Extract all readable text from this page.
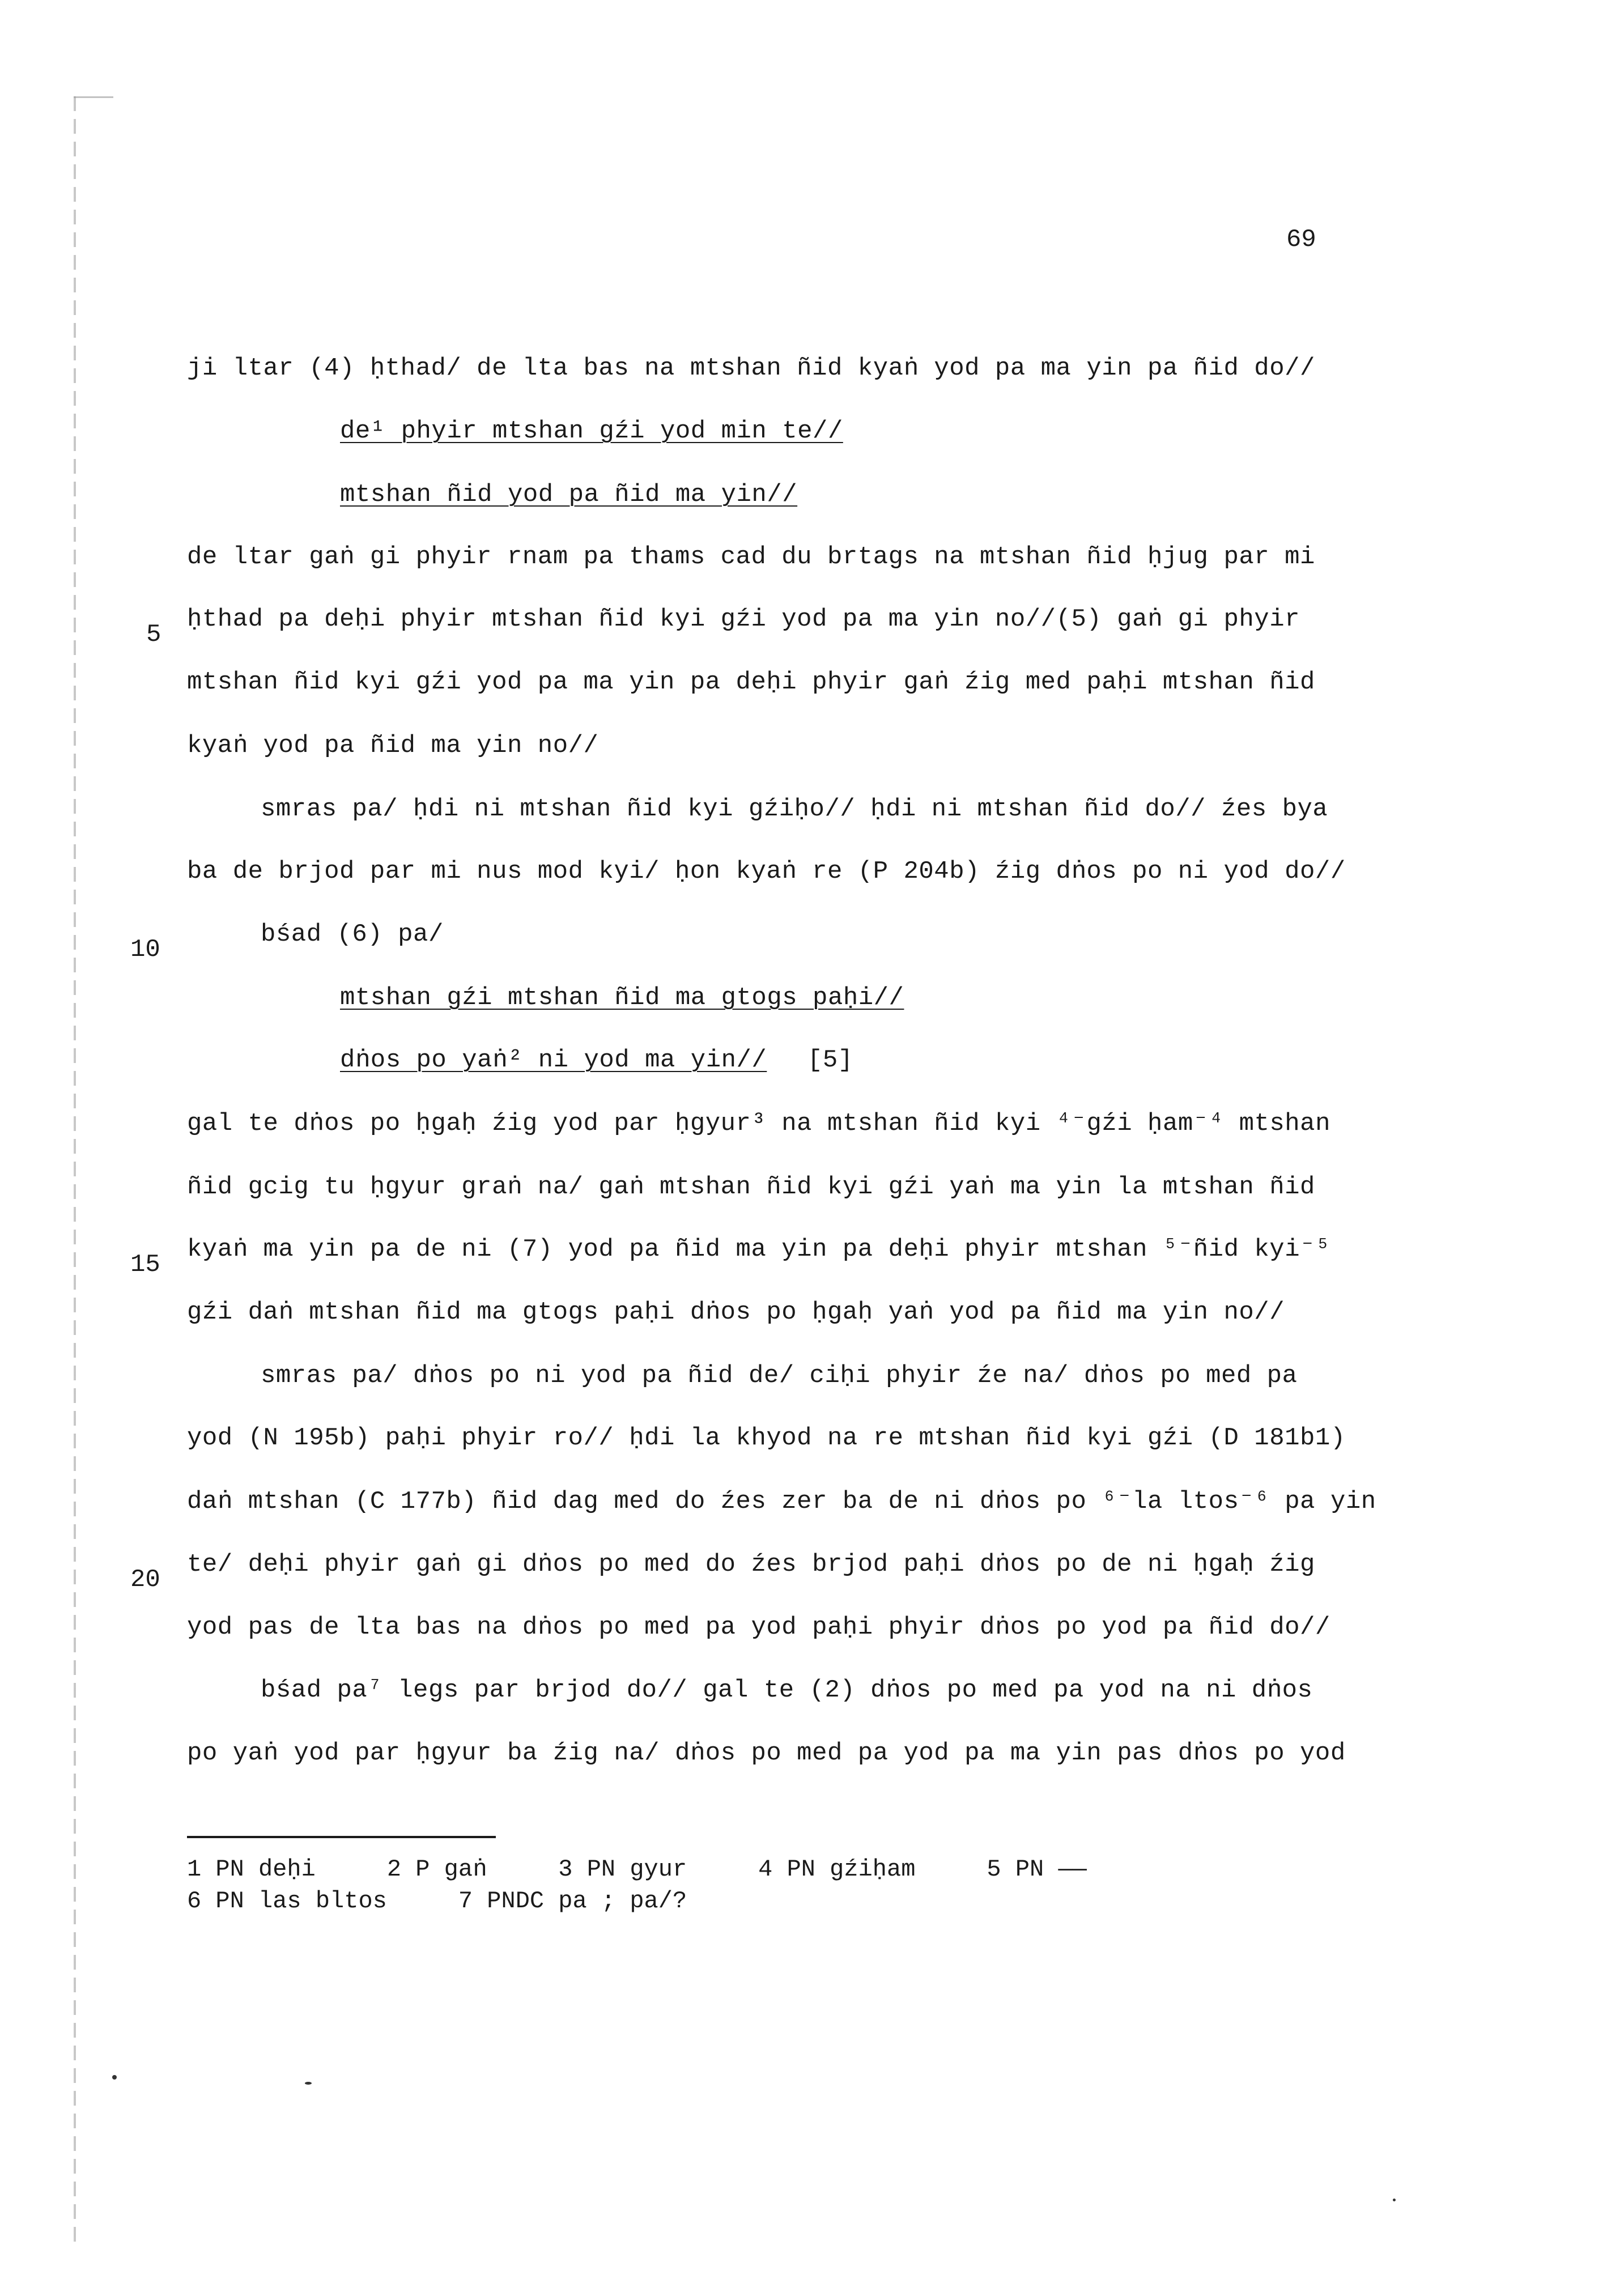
69
ji ltar (4) ḥthad/ de lta bas na mtshan ñid kyaṅ yod pa ma yin pa ñid do//
de¹ phyir mtshan gźi yod min te//
mtshan ñid yod pa ñid ma yin//
de ltar gaṅ gi phyir rnam pa thams cad du brtags na mtshan ñid ḥjug par mi
ḥthad pa deḥi phyir mtshan ñid kyi gźi yod pa ma yin no//(5) gaṅ gi phyir
mtshan ñid kyi gźi yod pa ma yin pa deḥi phyir gaṅ źig med paḥi mtshan ñid
kyaṅ yod pa ñid ma yin no//
smras pa/ ḥdi ni mtshan ñid kyi gźiḥo// ḥdi ni mtshan ñid do// źes bya
ba de brjod par mi nus mod kyi/ ḥon kyaṅ re (P 204b) źig dṅos po ni yod do//
bśad (6) pa/
mtshan gźi mtshan ñid ma gtogs paḥi//
dṅos po yaṅ² ni yod ma yin// [5]
gal te dṅos po ḥgaḥ źig yod par ḥgyur³ na mtshan ñid kyi ⁴⁻gźi ḥam⁻⁴ mtshan
ñid gcig tu ḥgyur graṅ na/ gaṅ mtshan ñid kyi gźi yaṅ ma yin la mtshan ñid
kyaṅ ma yin pa de ni (7) yod pa ñid ma yin pa deḥi phyir mtshan ⁵⁻ñid kyi⁻⁵
gźi daṅ mtshan ñid ma gtogs paḥi dṅos po ḥgaḥ yaṅ yod pa ñid ma yin no//
smras pa/ dṅos po ni yod pa ñid de/ ciḥi phyir źe na/ dṅos po med pa
yod (N 195b) paḥi phyir ro// ḥdi la khyod na re mtshan ñid kyi gźi (D 181b1)
daṅ mtshan (C 177b) ñid dag med do źes zer ba de ni dṅos po ⁶⁻la ltos⁻⁶ pa yin
te/ deḥi phyir gaṅ gi dṅos po med do źes brjod paḥi dṅos po de ni ḥgaḥ źig
yod pas de lta bas na dṅos po med pa yod paḥi phyir dṅos po yod pa ñid do//
bśad pa⁷ legs par brjod do// gal te (2) dṅos po med pa yod na ni dṅos
po yaṅ yod par ḥgyur ba źig na/ dṅos po med pa yod pa ma yin pas dṅos po yod
5
10
15
20
1 PN deḥi     2 P gaṅ     3 PN gyur     4 PN gźiḥam     5 PN ——
6 PN las bltos     7 PNDC pa ; pa/?
